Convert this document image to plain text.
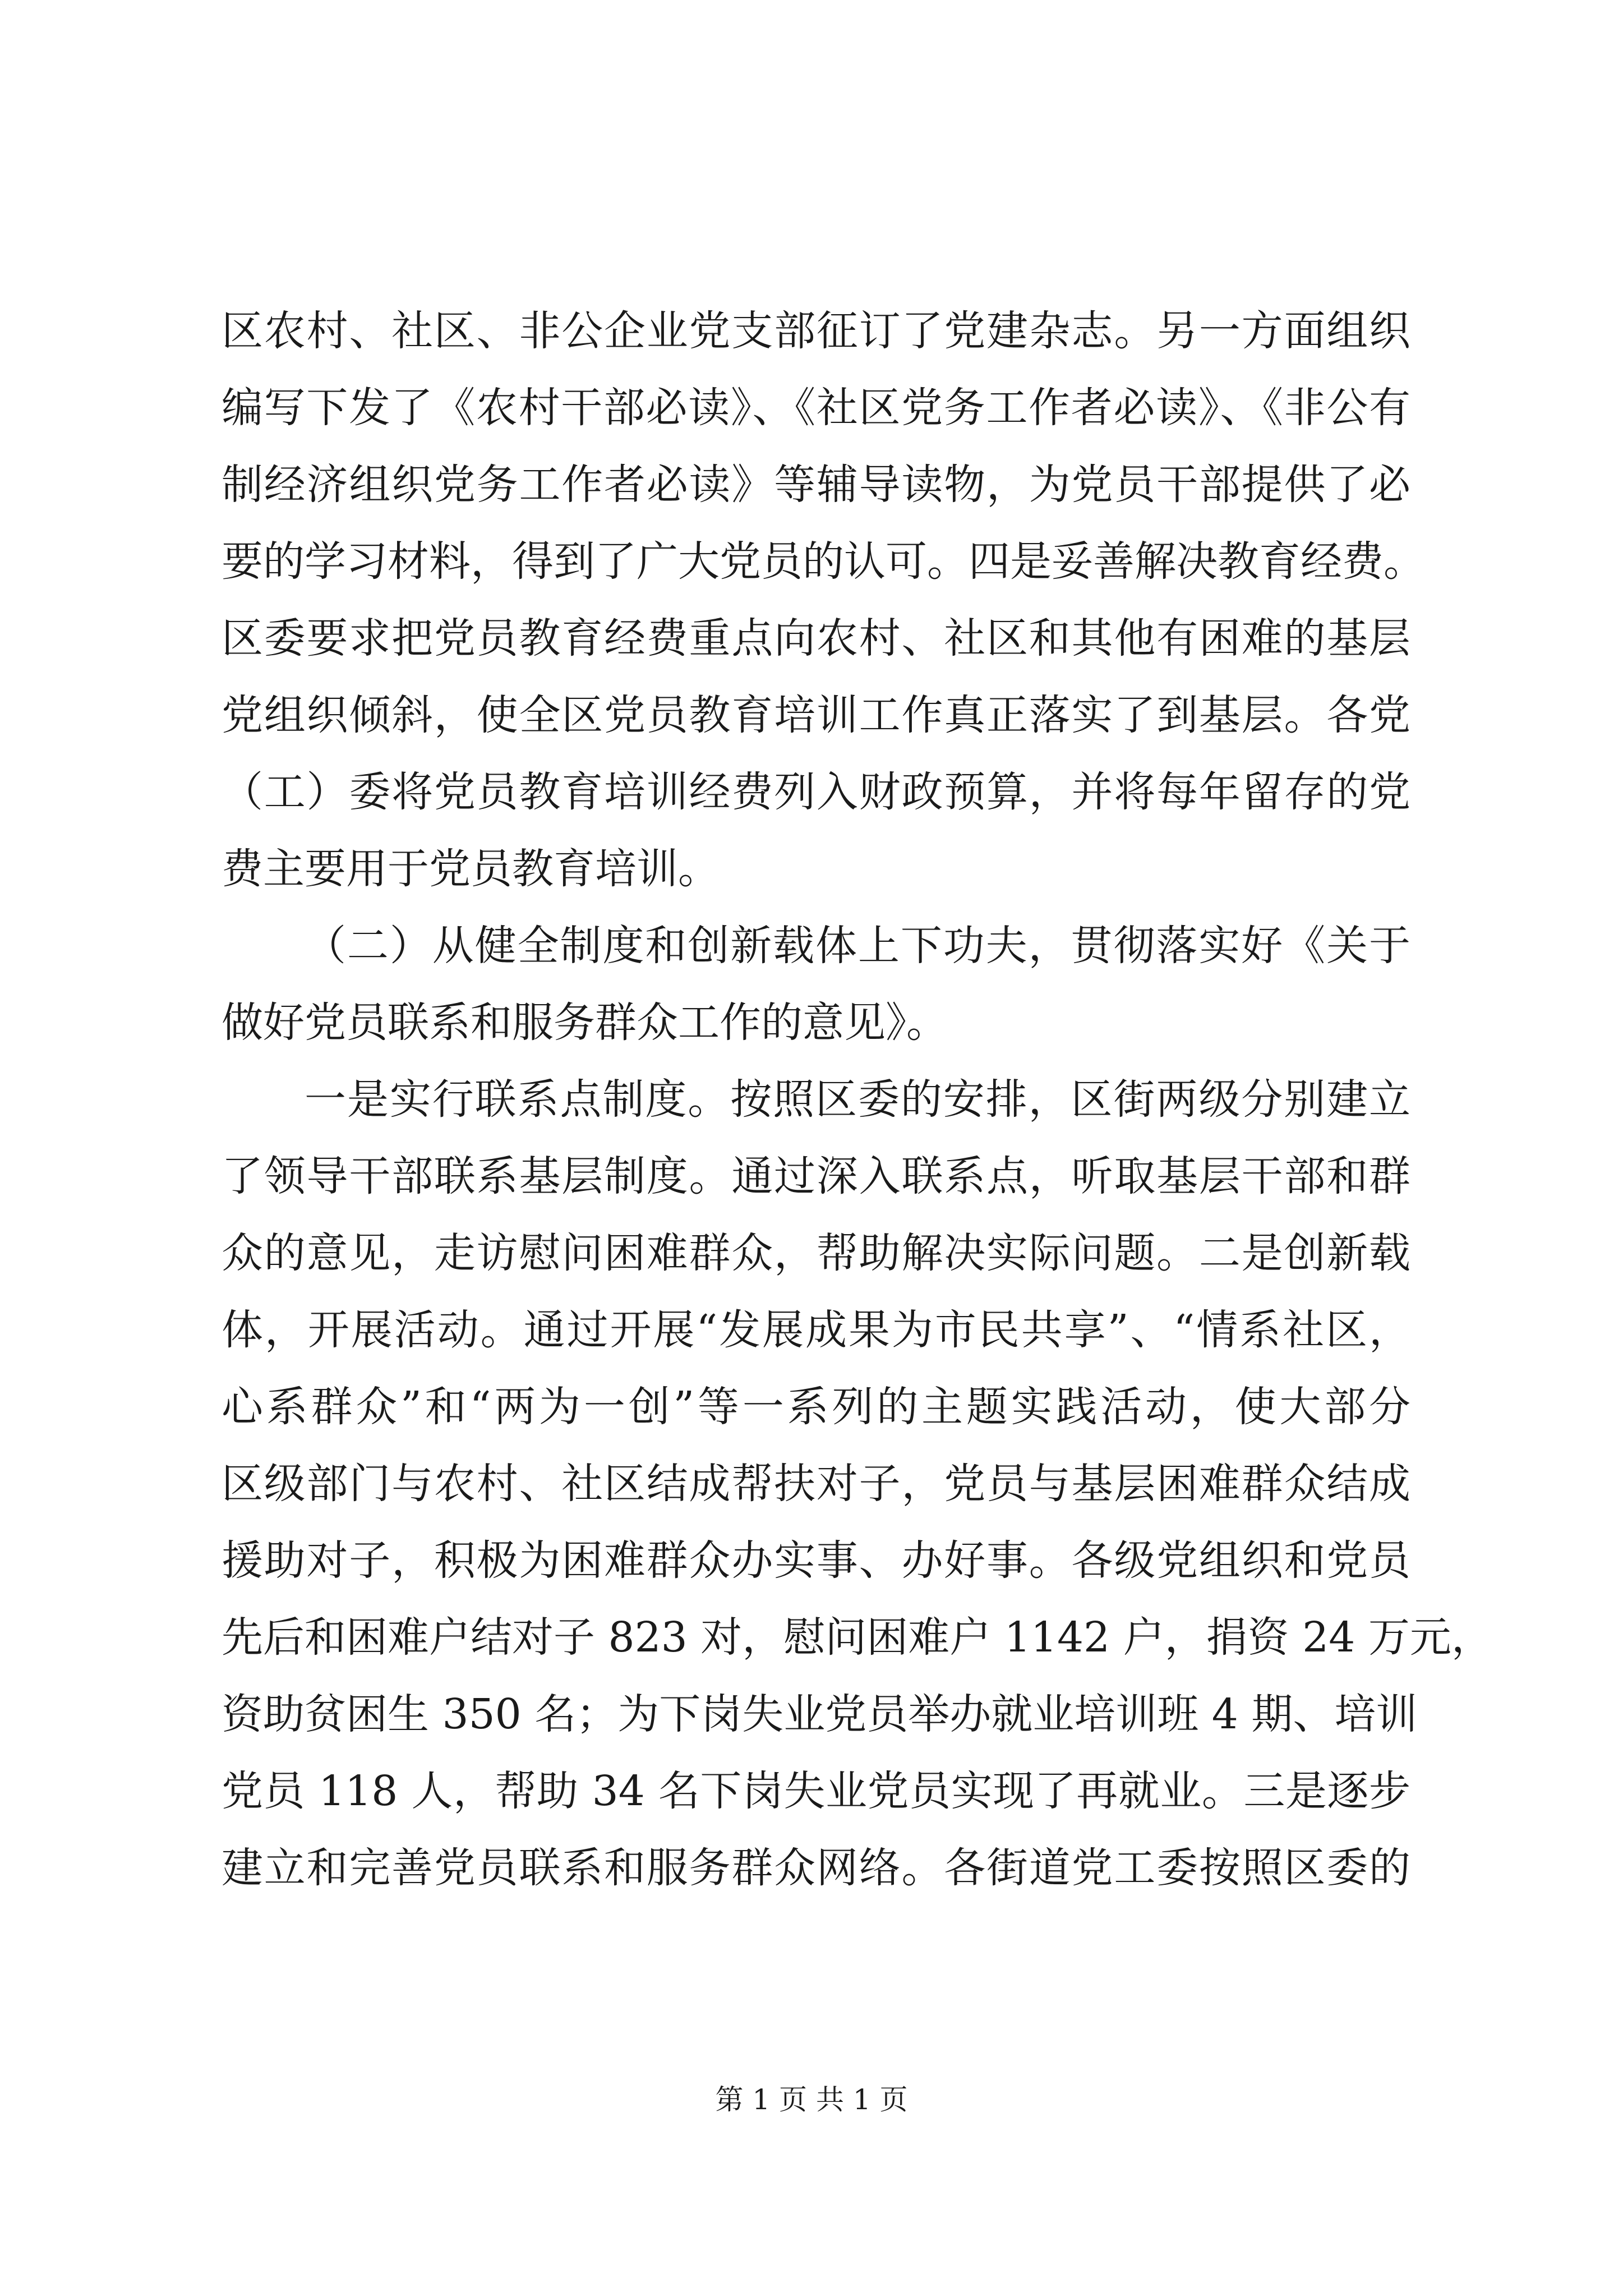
区农村、社区、非公企业党支部征订了党建杂志。另一方面组织
编写下发了《农村干部必读》、《社区党务工作者必读》、《非公有
制经济组织党务工作者必读》等辅导读物，为党员干部提供了必
要的学习材料，得到了广大党员的认可。四是妥善解决教育经费。
区委要求把党员教育经费重点向农村、社区和其他有困难的基层
党组织倾斜，使全区党员教育培训工作真正落实了到基层。各党
（工）委将党员教育培训经费列入财政预算，并将每年留存的党
费主要用于党员教育培训。
（二）从健全制度和创新载体上下功夫，贯彻落实好《关于
做好党员联系和服务群众工作的意见》。
一是实行联系点制度。按照区委的安排，区街两级分别建立
了领导干部联系基层制度。通过深入联系点，听取基层干部和群
众的意见，走访慰问困难群众，帮助解决实际问题。二是创新载
体，开展活动。通过开展“发展成果为市民共享”、“情系社区，
心系群众”和“两为一创”等一系列的主题实践活动，使大部分
区级部门与农村、社区结成帮扶对子，党员与基层困难群众结成
援助对子，积极为困难群众办实事、办好事。各级党组织和党员
先后和困难户结对子 823 对，慰问困难户 1142 户，捐资 24 万元，
资助贫困生 350 名；为下岗失业党员举办就业培训班 4 期、培训
党员 118 人，帮助 34 名下岗失业党员实现了再就业。三是逐步
建立和完善党员联系和服务群众网络。各街道党工委按照区委的
第 1 页 共 1 页
